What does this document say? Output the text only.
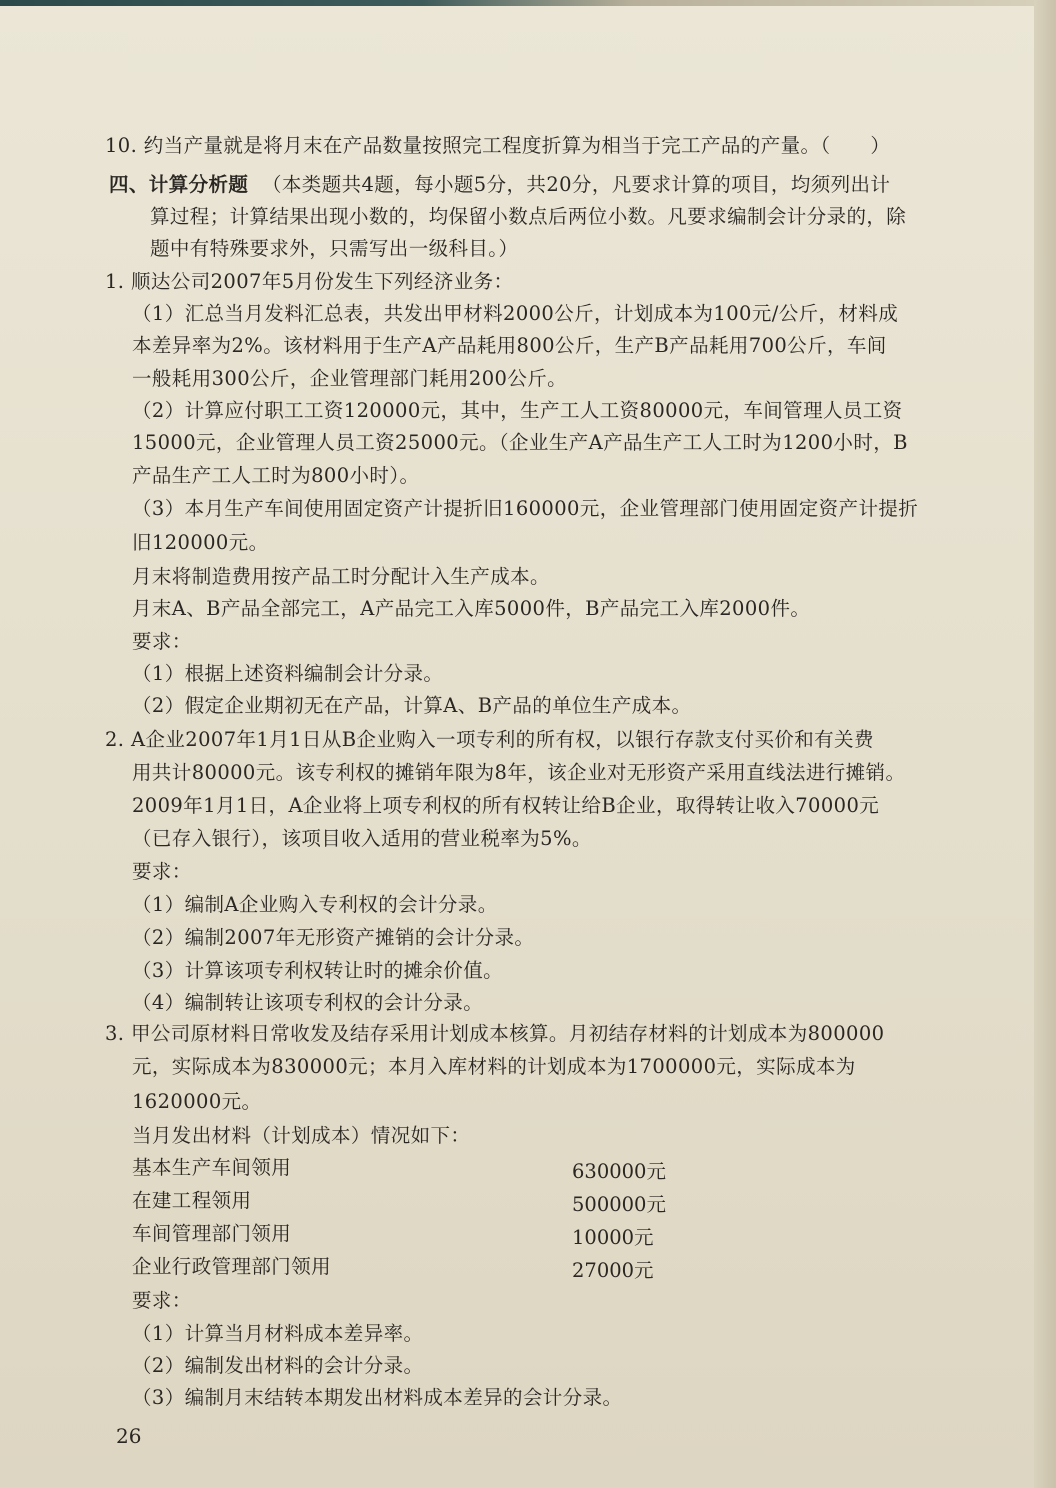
10. 约当产量就是将月末在产品数量按照完工程度折算为相当于完工产品的产量。（　　）
四、计算分析题 （本类题共4题，每小题5分，共20分，凡要求计算的项目，均须列出计
算过程；计算结果出现小数的，均保留小数点后两位小数。凡要求编制会计分录的，除
题中有特殊要求外，只需写出一级科目。）
1. 顺达公司2007年5月份发生下列经济业务：
（1）汇总当月发料汇总表，共发出甲材料2000公斤，计划成本为100元/公斤，材料成
本差异率为2%。该材料用于生产A产品耗用800公斤，生产B产品耗用700公斤，车间
一般耗用300公斤，企业管理部门耗用200公斤。
（2）计算应付职工工资120000元，其中，生产工人工资80000元，车间管理人员工资
15000元，企业管理人员工资25000元。（企业生产A产品生产工人工时为1200小时，B
产品生产工人工时为800小时）。
（3）本月生产车间使用固定资产计提折旧160000元，企业管理部门使用固定资产计提折
旧120000元。
月末将制造费用按产品工时分配计入生产成本。
月末A、B产品全部完工，A产品完工入库5000件，B产品完工入库2000件。
要求：
（1）根据上述资料编制会计分录。
（2）假定企业期初无在产品，计算A、B产品的单位生产成本。
2. A企业2007年1月1日从B企业购入一项专利的所有权，以银行存款支付买价和有关费
用共计80000元。该专利权的摊销年限为8年，该企业对无形资产采用直线法进行摊销。
2009年1月1日，A企业将上项专利权的所有权转让给B企业，取得转让收入70000元
（已存入银行），该项目收入适用的营业税率为5%。
要求：
（1）编制A企业购入专利权的会计分录。
（2）编制2007年无形资产摊销的会计分录。
（3）计算该项专利权转让时的摊余价值。
（4）编制转让该项专利权的会计分录。
3. 甲公司原材料日常收发及结存采用计划成本核算。月初结存材料的计划成本为800000
元，实际成本为830000元；本月入库材料的计划成本为1700000元，实际成本为
1620000元。
当月发出材料（计划成本）情况如下：
基本生产车间领用	630000元
在建工程领用	500000元
车间管理部门领用	10000元
企业行政管理部门领用	27000元
要求：
（1）计算当月材料成本差异率。
（2）编制发出材料的会计分录。
（3）编制月末结转本期发出材料成本差异的会计分录。
26
